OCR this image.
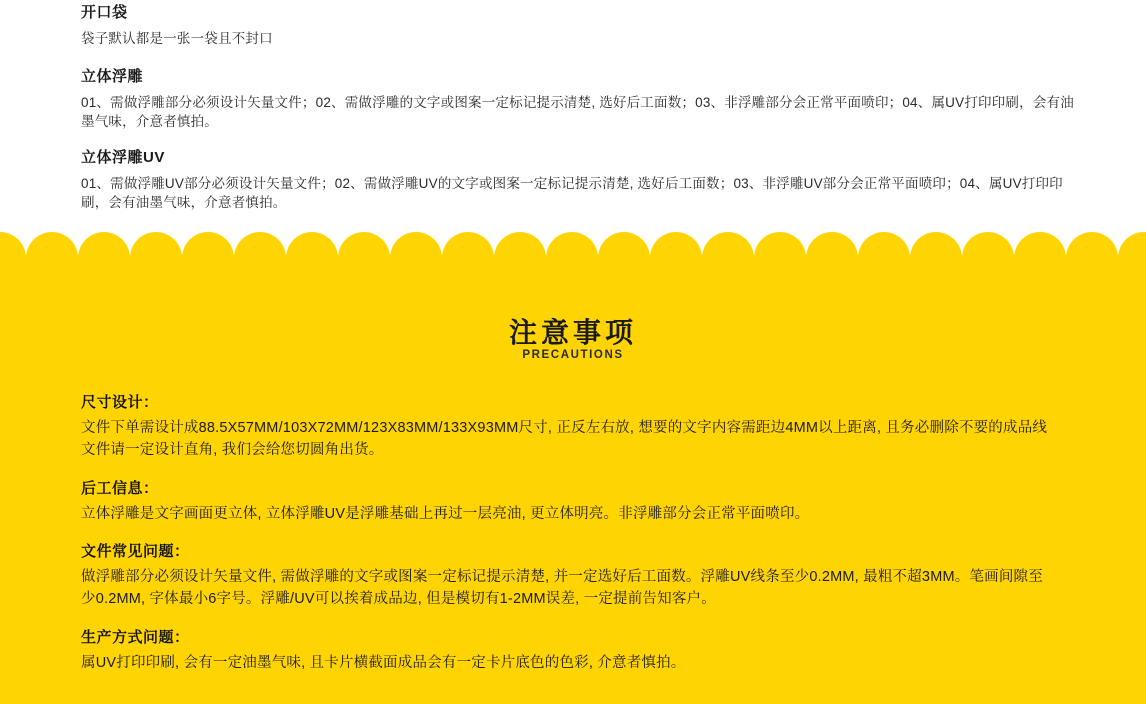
开口袋
袋子默认都是一张一袋且不封口
立体浮雕
01、需做浮雕部分必须设计矢量文件；02、需做浮雕的文字或图案一定标记提示清楚, 选好后工面数；03、非浮雕部分会正常平面喷印；04、属UV打印印刷，会有油墨气味，介意者慎拍。
立体浮雕UV
01、需做浮雕UV部分必须设计矢量文件；02、需做浮雕UV的文字或图案一定标记提示清楚, 选好后工面数；03、非浮雕UV部分会正常平面喷印；04、属UV打印印刷，会有油墨气味，介意者慎拍。
注意事项
PRECAUTIONS
尺寸设计：
文件下单需设计成88.5X57MM/103X72MM/123X83MM/133X93MM尺寸, 正反左右放, 想要的文字内容需距边4MM以上距离, 且务必删除不要的成品线文件请一定设计直角, 我们会给您切圆角出货。
后工信息：
立体浮雕是文字画面更立体, 立体浮雕UV是浮雕基础上再过一层亮油, 更立体明亮。非浮雕部分会正常平面喷印。
文件常见问题：
做浮雕部分必须设计矢量文件, 需做浮雕的文字或图案一定标记提示清楚, 并一定选好后工面数。浮雕UV线条至少0.2MM, 最粗不超3MM。笔画间隙至少0.2MM, 字体最小6字号。浮雕/UV可以挨着成品边, 但是模切有1-2MM误差, 一定提前告知客户。
生产方式问题：
属UV打印印刷, 会有一定油墨气味, 且卡片横截面成品会有一定卡片底色的色彩, 介意者慎拍。
